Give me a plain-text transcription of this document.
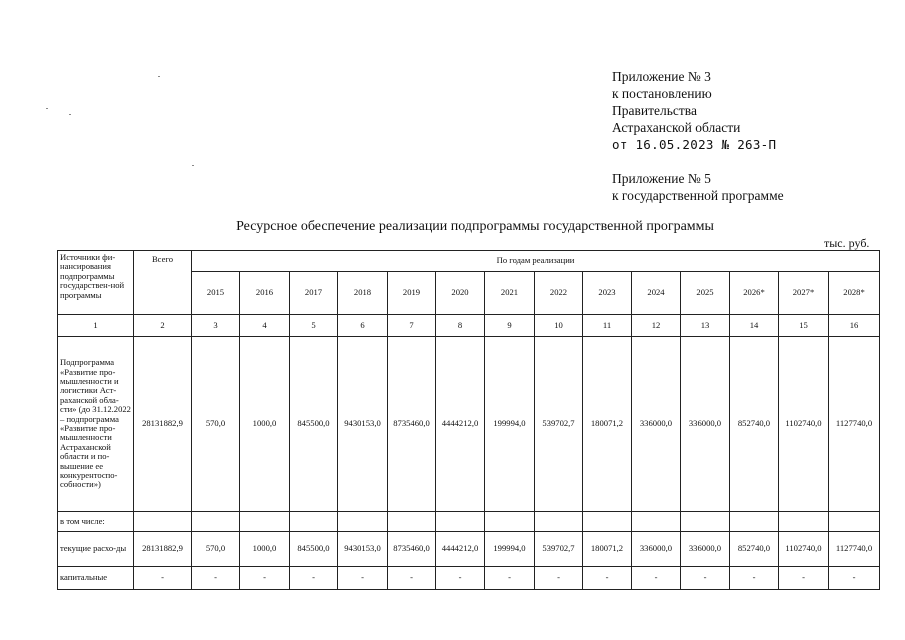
Приложение № 3
к постановлению
Правительства
Астраханской области
от 16.05.2023 № 263-П
Приложение № 5
к государственной программе
Ресурсное обеспечение реализации подпрограммы государственной программы
тыс. руб.
Источники фи-нансирования подпрограммы государствен-ной программы	Всего	По годам реализации													
		2015	2016	2017	2018	2019	2020	2021	2022	2023	2024	2025	2026*	2027*	2028*
1	2	3	4	5	6	7	8	9	10	11	12	13	14	15	16
Подпрограмма «Развитие про-мышленности и логистики Аст-раханской обла-сти» (до 31.12.2022 – подпрограмма «Развитие про-мышленности Астраханской области и по-вышение ее конкурентоспо-собности»)	28131882,9	570,0	1000,0	845500,0	9430153,0	8735460,0	4444212,0	199994,0	539702,7	180071,2	336000,0	336000,0	852740,0	1102740,0	1127740,0
в том числе:															
текущие расхо-ды	28131882,9	570,0	1000,0	845500,0	9430153,0	8735460,0	4444212,0	199994,0	539702,7	180071,2	336000,0	336000,0	852740,0	1102740,0	1127740,0
капитальные	-	-	-	-	-	-	-	-	-	-	-	-	-	-	-
